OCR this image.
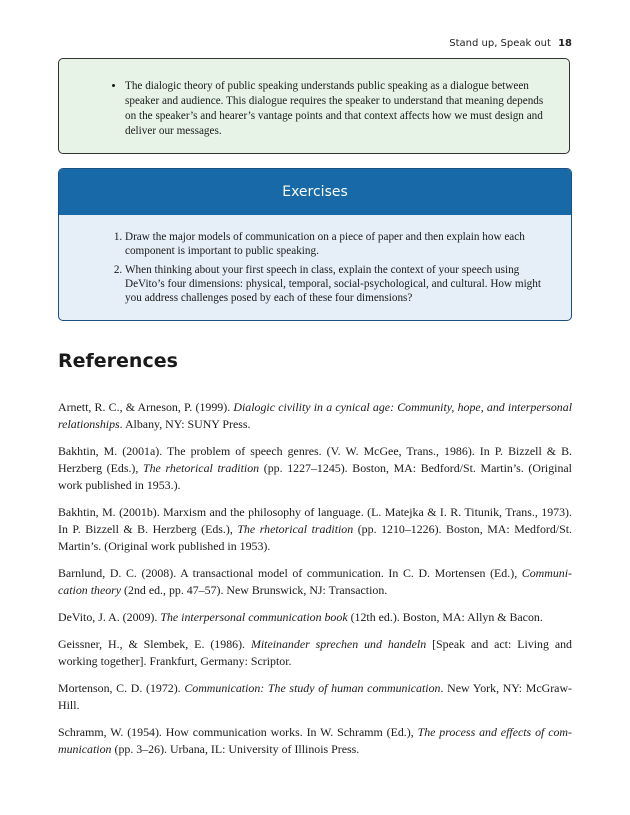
Stand up, Speak out 18
• The dialogic theory of public speaking understands public speaking as a dialogue between speaker and audience. This dialogue requires the speaker to understand that meaning depends on the speaker’s and hearer’s vantage points and that context affects how we must design and deliver our messages.
Exercises
1. Draw the major models of communication on a piece of paper and then explain how each component is important to public speaking.
2. When thinking about your first speech in class, explain the context of your speech using DeVito’s four dimensions: physical, temporal, social-psychological, and cultural. How might you address challenges posed by each of these four dimensions?
References

Arnett, R. C., & Arneson, P. (1999). Dialogic civility in a cynical age: Community, hope, and interpersonal relationships. Albany, NY: SUNY Press.

Bakhtin, M. (2001a). The problem of speech genres. (V. W. McGee, Trans., 1986). In P. Bizzell & B. Herzberg (Eds.), The rhetorical tradition (pp. 1227–1245). Boston, MA: Bedford/St. Martin’s. (Original work published in 1953.).

Bakhtin, M. (2001b). Marxism and the philosophy of language. (L. Matejka & I. R. Titunik, Trans., 1973). In P. Bizzell & B. Herzberg (Eds.), The rhetorical tradition (pp. 1210–1226). Boston, MA: Medford/St. Martin’s. (Original work published in 1953).

Barnlund, D. C. (2008). A transactional model of communication. In C. D. Mortensen (Ed.), Communication theory (2nd ed., pp. 47–57). New Brunswick, NJ: Transaction.

DeVito, J. A. (2009). The interpersonal communication book (12th ed.). Boston, MA: Allyn & Bacon.

Geissner, H., & Slembek, E. (1986). Miteinander sprechen und handeln [Speak and act: Living and working together]. Frankfurt, Germany: Scriptor.

Mortenson, C. D. (1972). Communication: The study of human communication. New York, NY: McGraw-Hill.

Schramm, W. (1954). How communication works. In W. Schramm (Ed.), The process and effects of communication (pp. 3–26). Urbana, IL: University of Illinois Press.
